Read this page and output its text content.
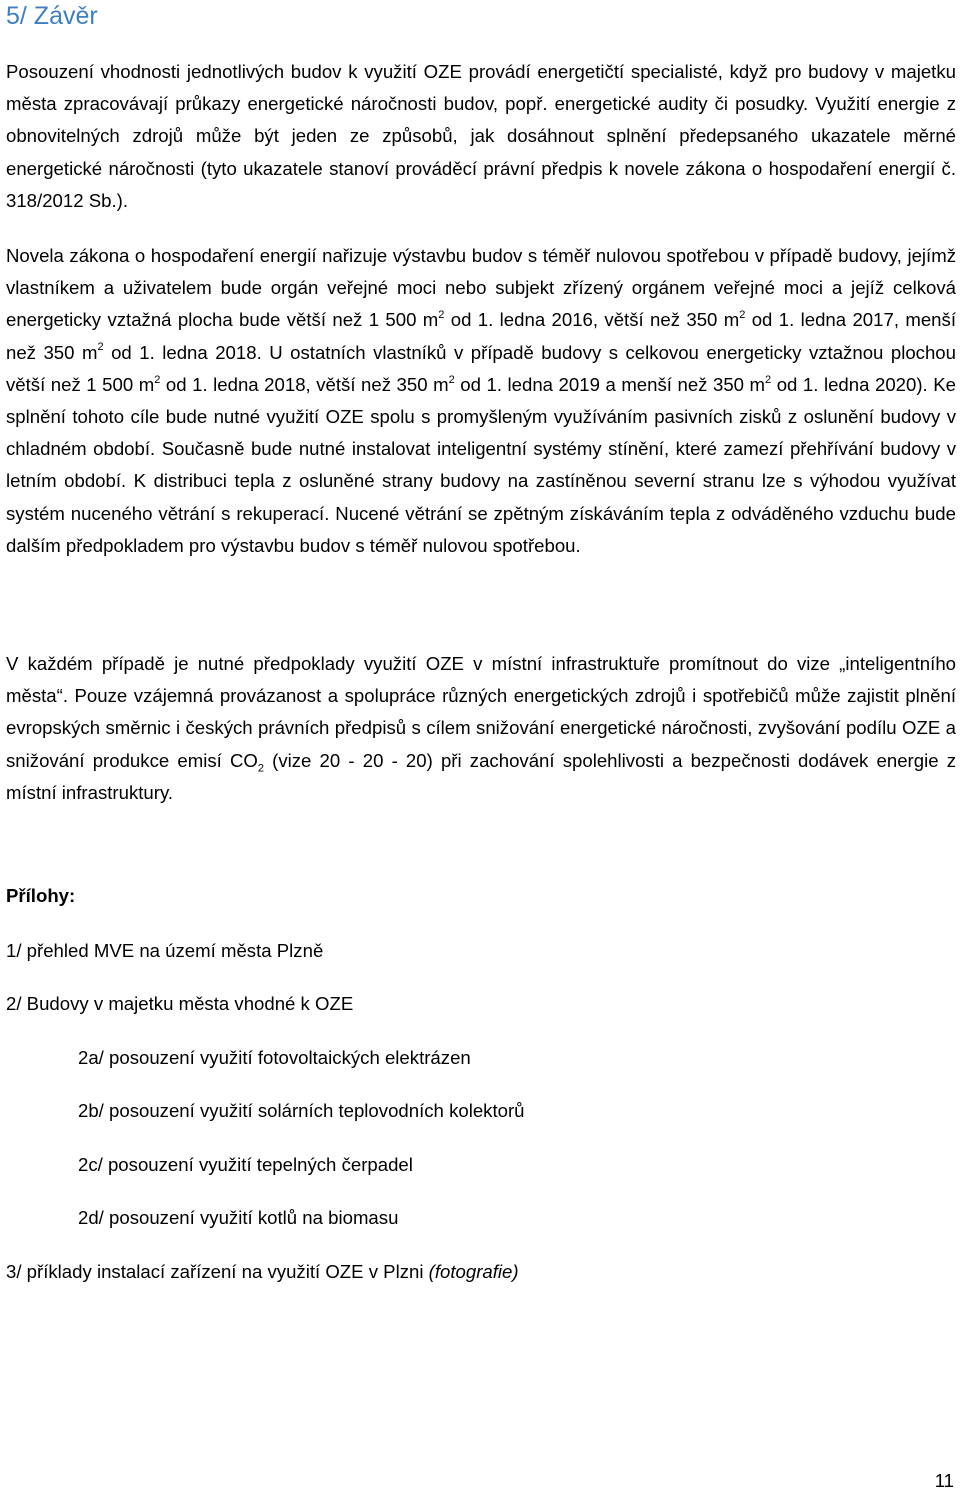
5/ Závěr

Posouzení vhodnosti jednotlivých budov k využití OZE provádí energetičtí specialisté, když pro budovy v majetku města zpracovávají průkazy energetické náročnosti budov, popř. energetické audity či posudky. Využití energie z obnovitelných zdrojů může být jeden ze způsobů, jak dosáhnout splnění předepsaného ukazatele měrné energetické náročnosti (tyto ukazatele stanoví prováděcí právní předpis k novele zákona o hospodaření energií č. 318/2012 Sb.).

Novela zákona o hospodaření energií nařizuje výstavbu budov s téměř nulovou spotřebou v případě budovy, jejímž vlastníkem a uživatelem bude orgán veřejné moci nebo subjekt zřízený orgánem veřejné moci a jejíž celková energeticky vztažná plocha bude větší než 1 500 $m^2$ od 1. ledna 2016, větší než 350 $m^2$ od 1. ledna 2017, menší než 350 $m^2$ od 1. ledna 2018. U ostatních vlastníků v případě budovy s celkovou energeticky vztažnou plochou větší než 1 500 $m^2$ od 1. ledna 2018, větší než 350 $m^2$ od 1. ledna 2019 a menší než 350 $m^2$ od 1. ledna 2020). Ke splnění tohoto cíle bude nutné využití OZE spolu s promyšleným využíváním pasivních zisků z oslunění budovy v chladném období. Současně bude nutné instalovat inteligentní systémy stínění, které zamezí přehřívání budovy v letním období. K distribuci tepla z osluněné strany budovy na zastíněnou severní stranu lze s výhodou využívat systém nuceného větrání s rekuperací. Nucené větrání se zpětným získáváním tepla z odváděného vzduchu bude dalším předpokladem pro výstavbu budov s téměř nulovou spotřebou.

V každém případě je nutné předpoklady využití OZE v místní infrastruktuře promítnout do vize „inteligentního města“. Pouze vzájemná provázanost a spolupráce různých energetických zdrojů i spotřebičů může zajistit plnění evropských směrnic i českých právních předpisů s cílem snižování energetické náročnosti, zvyšování podílu OZE a snižování produkce emisí $CO_2$ (vize 20 - 20 - 20) při zachování spolehlivosti a bezpečnosti dodávek energie z místní infrastruktury.

Přílohy:

1/ přehled MVE na území města Plzně

2/ Budovy v majetku města vhodné k OZE

2a/ posouzení využití fotovoltaických elektrázen

2b/ posouzení využití solárních teplovodních kolektorů

2c/ posouzení využití tepelných čerpadel

2d/ posouzení využití kotlů na biomasu

3/ příklady instalací zařízení na využití OZE v Plzni (fotografie)

11
